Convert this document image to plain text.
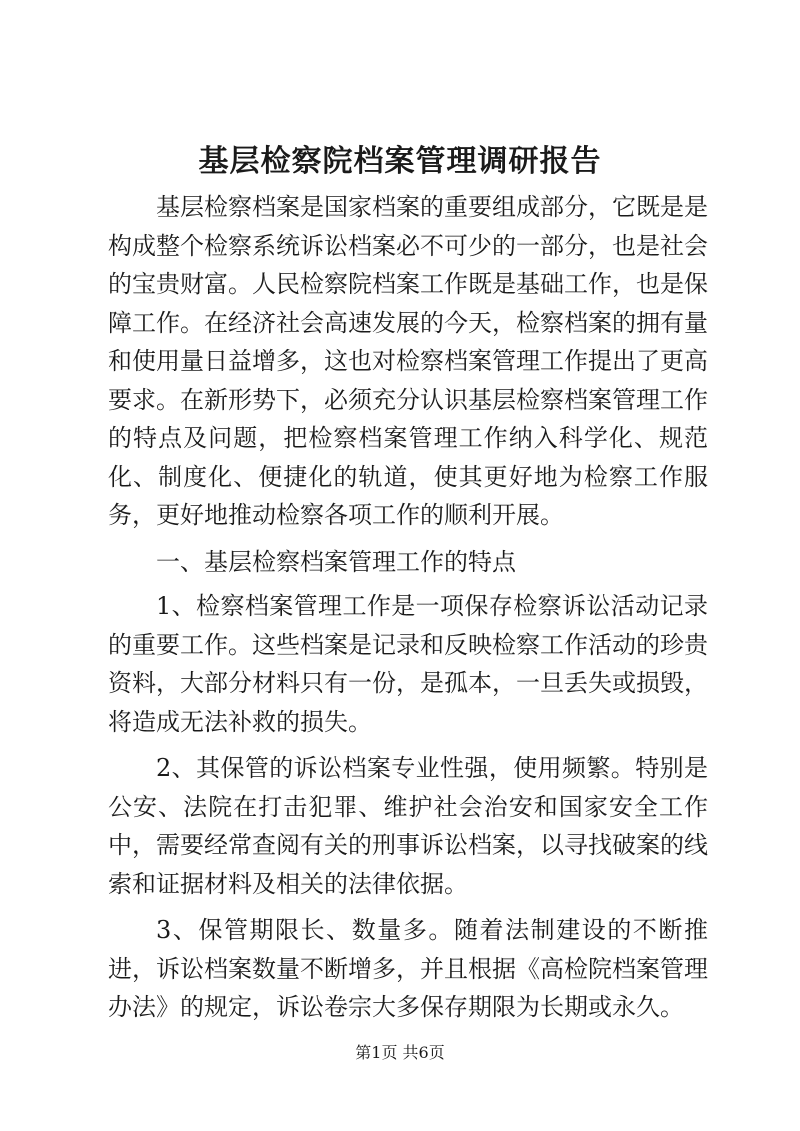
基层检察院档案管理调研报告

基层检察档案是国家档案的重要组成部分，它既是是构成整个检察系统诉讼档案必不可少的一部分，也是社会的宝贵财富。人民检察院档案工作既是基础工作，也是保障工作。在经济社会高速发展的今天，检察档案的拥有量和使用量日益增多，这也对检察档案管理工作提出了更高要求。在新形势下，必须充分认识基层检察档案管理工作的特点及问题，把检察档案管理工作纳入科学化、规范化、制度化、便捷化的轨道，使其更好地为检察工作服务，更好地推动检察各项工作的顺利开展。

一、基层检察档案管理工作的特点

1、检察档案管理工作是一项保存检察诉讼活动记录的重要工作。这些档案是记录和反映检察工作活动的珍贵资料，大部分材料只有一份，是孤本，一旦丢失或损毁，将造成无法补救的损失。

2、其保管的诉讼档案专业性强，使用频繁。特别是公安、法院在打击犯罪、维护社会治安和国家安全工作中，需要经常查阅有关的刑事诉讼档案，以寻找破案的线索和证据材料及相关的法律依据。

3、保管期限长、数量多。随着法制建设的不断推进，诉讼档案数量不断增多，并且根据《高检院档案管理办法》的规定，诉讼卷宗大多保存期限为长期或永久。

第1页 共6页
